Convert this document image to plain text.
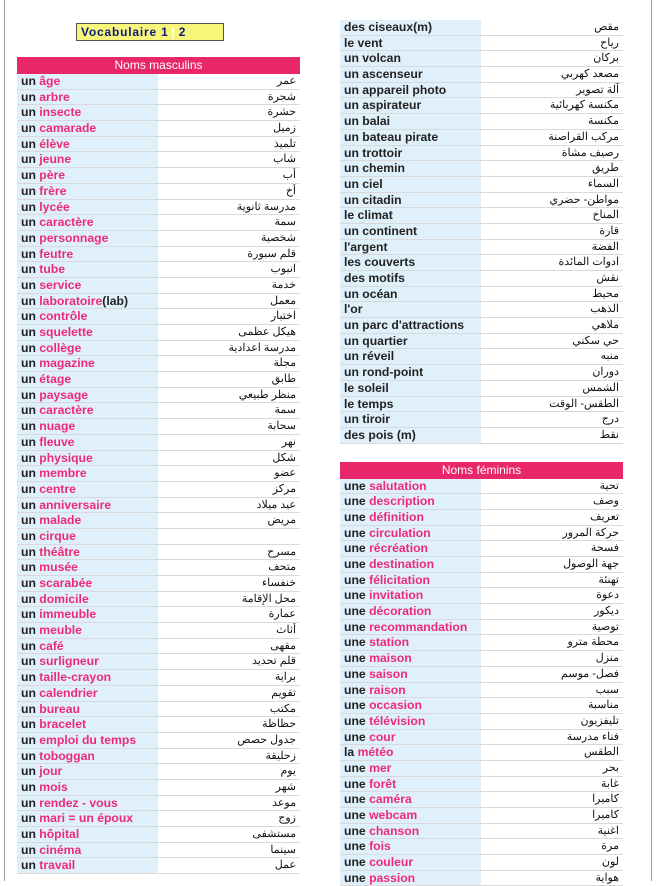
Vocabulaire 1 | 2
Noms masculins
un âge	عمر
un arbre	شجرة
un insecte	حشرة
un camarade	زميل
un élève	تلميذ
un jeune	شاب
un père	أب
un frère	أخ
un lycée	مدرسة ثانوية
un caractère	سمة
un personnage	شخصية
un feutre	قلم سبورة
un tube	انبوب
un service	خدمة
un laboratoire(lab)	معمل
un contrôle	اختبار
un squelette	هيكل عظمى
un collège	مدرسة اعدادية
un magazine	مجلة
un étage	طابق
un paysage	منظر طبيعي
un caractère	سمة
un nuage	سحابة
un fleuve	نهر
un physique	شكل
un membre	عضو
un centre	مركز
un anniversaire	عيد ميلاد
un malade	مريض
un cirque
un théâtre	مسرح
un musée	متحف
un scarabée	خنفساء
un domicile	محل الإقامة
un immeuble	عمارة
un meuble	أثاث
un café	مقهى
un surligneur	قلم تحديد
un taille-crayon	براية
un calendrier	تقويم
un bureau	مكتب
un bracelet	حظاظة
un emploi du temps	جدول حصص
un toboggan	زحليقة
un jour	يوم
un mois	شهر
un rendez - vous	موعد
un mari = un époux	زوج
un hôpital	مستشفى
un cinéma	سينما
un travail	عمل
des ciseaux(m)	مقص
le vent	رياح
un volcan	بركان
un ascenseur	مصعد كهربي
un appareil photo	آلة تصوير
un aspirateur	مكنسة كهربائية
un balai	مكنسة
un bateau pirate	مركب القراصنة
un trottoir	رصيف مشاة
un chemin	طريق
un ciel	السماء
un citadin	مواطن- حضري
le climat	المناخ
un continent	قارة
l'argent	الفضة
les couverts	ادوات المائدة
des motifs	نقش
un océan	محيط
l'or	الذهب
un parc d'attractions	ملاهي
un quartier	حي سكني
un réveil	منبه
un rond-point	دوران
le soleil	الشمس
le temps	الطقس- الوقت
un tiroir	درج
des pois (m)	نقط
Noms féminins
une salutation	تحية
une description	وصف
une définition	تعريف
une circulation	حركة المرور
une récréation	فسحة
une destination	جهة الوصول
une félicitation	تهنئة
une invitation	دعوة
une décoration	ديكور
une recommandation	توصية
une station	محطة مترو
une maison	منزل
une saison	فصل- موسم
une raison	سبب
une occasion	مناسبة
une télévision	تليفزيون
une cour	فناء مدرسة
la météo	الطقس
une mer	بحر
une forêt	غابة
une caméra	كاميرا
une webcam	كاميرا
une chanson	اغنية
une fois	مرة
une couleur	لون
une passion	هواية
